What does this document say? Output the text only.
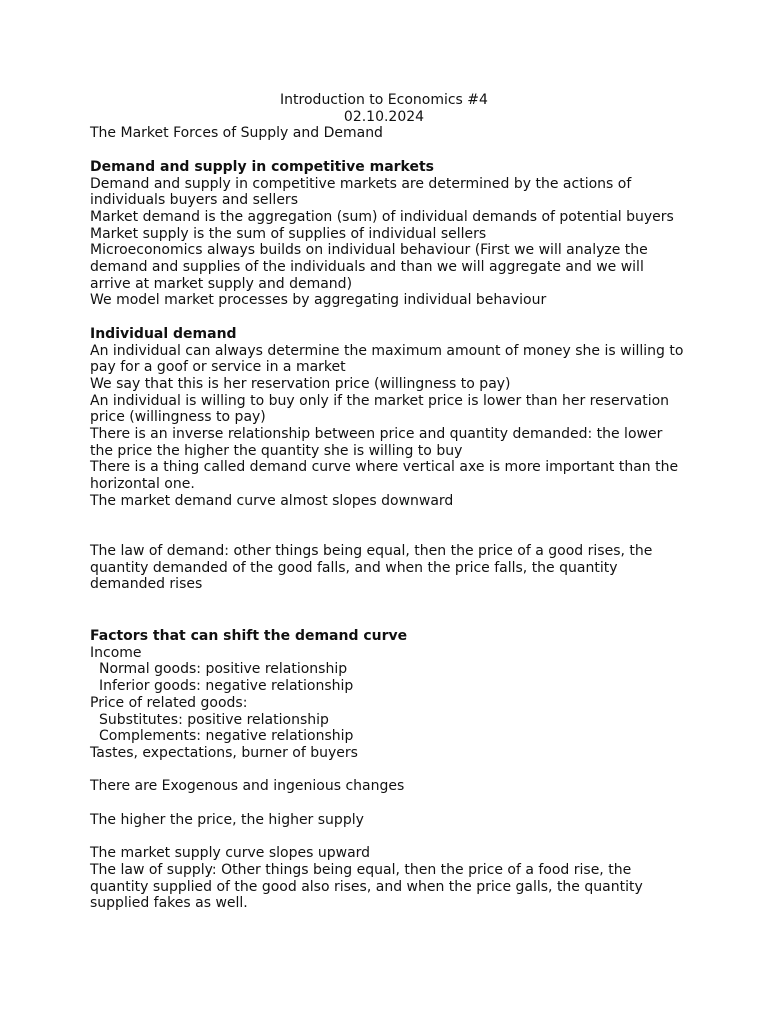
Introduction to Economics #4
02.10.2024
The Market Forces of Supply and Demand
Demand and supply in competitive markets
Demand and supply in competitive markets are determined by the actions of
individuals buyers and sellers
Market demand is the aggregation (sum) of individual demands of potential buyers
Market supply is the sum of supplies of individual sellers
Microeconomics always builds on individual behaviour (First we will analyze the
demand and supplies of the individuals and than we will aggregate and we will
arrive at market supply and demand)
We model market processes by aggregating individual behaviour
Individual demand
An individual can always determine the maximum amount of money she is willing to
pay for a goof or service in a market
We say that this is her reservation price (willingness to pay)
An individual is willing to buy only if the market price is lower than her reservation
price (willingness to pay)
There is an inverse relationship between price and quantity demanded: the lower
the price the higher the quantity she is willing to buy
There is a thing called demand curve where vertical axe is more important than the
horizontal one.
The market demand curve almost slopes downward
The law of demand: other things being equal, then the price of a good rises, the
quantity demanded of the good falls, and when the price falls, the quantity
demanded rises
Factors that can shift the demand curve
Income
Normal goods: positive relationship
Inferior goods: negative relationship
Price of related goods:
Substitutes: positive relationship
Complements: negative relationship
Tastes, expectations, burner of buyers
There are Exogenous and ingenious changes
The higher the price, the higher supply
The market supply curve slopes upward
The law of supply: Other things being equal, then the price of a food rise, the
quantity supplied of the good also rises, and when the price galls, the quantity
supplied fakes as well.
